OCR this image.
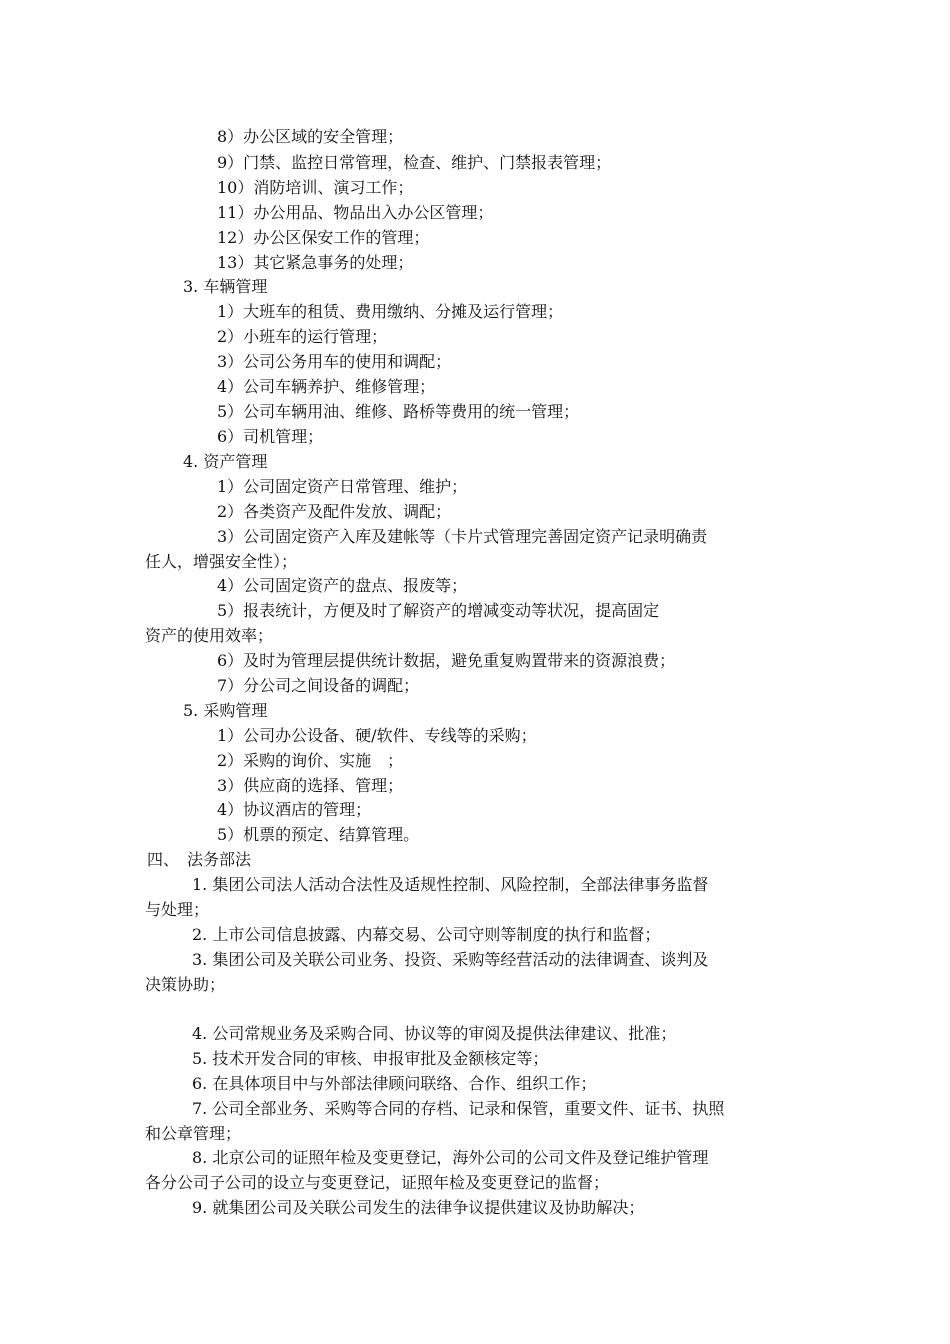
8）办公区域的安全管理；
9）门禁、监控日常管理，检查、维护、门禁报表管理；
10）消防培训、演习工作；
11）办公用品、物品出入办公区管理；
12）办公区保安工作的管理；
13）其它紧急事务的处理；
3. 车辆管理
1）大班车的租赁、费用缴纳、分摊及运行管理；
2）小班车的运行管理；
3）公司公务用车的使用和调配；
4）公司车辆养护、维修管理；
5）公司车辆用油、维修、路桥等费用的统一管理；
6）司机管理；
4. 资产管理
1）公司固定资产日常管理、维护；
2）各类资产及配件发放、调配；
3）公司固定资产入库及建帐等（卡片式管理完善固定资产记录明确责
任人，增强安全性）；
4）公司固定资产的盘点、报废等；
5）报表统计，方便及时了解资产的增减变动等状况，提高固定
资产的使用效率；
6）及时为管理层提供统计数据，避免重复购置带来的资源浪费；
7）分公司之间设备的调配；
5. 采购管理
1）公司办公设备、硬/软件、专线等的采购；
2）采购的询价、实施　；
3）供应商的选择、管理；
4）协议酒店的管理；
5）机票的预定、结算管理。
四、　法务部法
1. 集团公司法人活动合法性及适规性控制、风险控制，全部法律事务监督
与处理；
2. 上市公司信息披露、内幕交易、公司守则等制度的执行和监督；
3. 集团公司及关联公司业务、投资、采购等经营活动的法律调查、谈判及
决策协助；
4. 公司常规业务及采购合同、协议等的审阅及提供法律建议、批准；
5. 技术开发合同的审核、申报审批及金额核定等；
6. 在具体项目中与外部法律顾问联络、合作、组织工作；
7. 公司全部业务、采购等合同的存档、记录和保管，重要文件、证书、执照
和公章管理；
8. 北京公司的证照年检及变更登记，海外公司的公司文件及登记维护管理
各分公司子公司的设立与变更登记，证照年检及变更登记的监督；
9. 就集团公司及关联公司发生的法律争议提供建议及协助解决；
